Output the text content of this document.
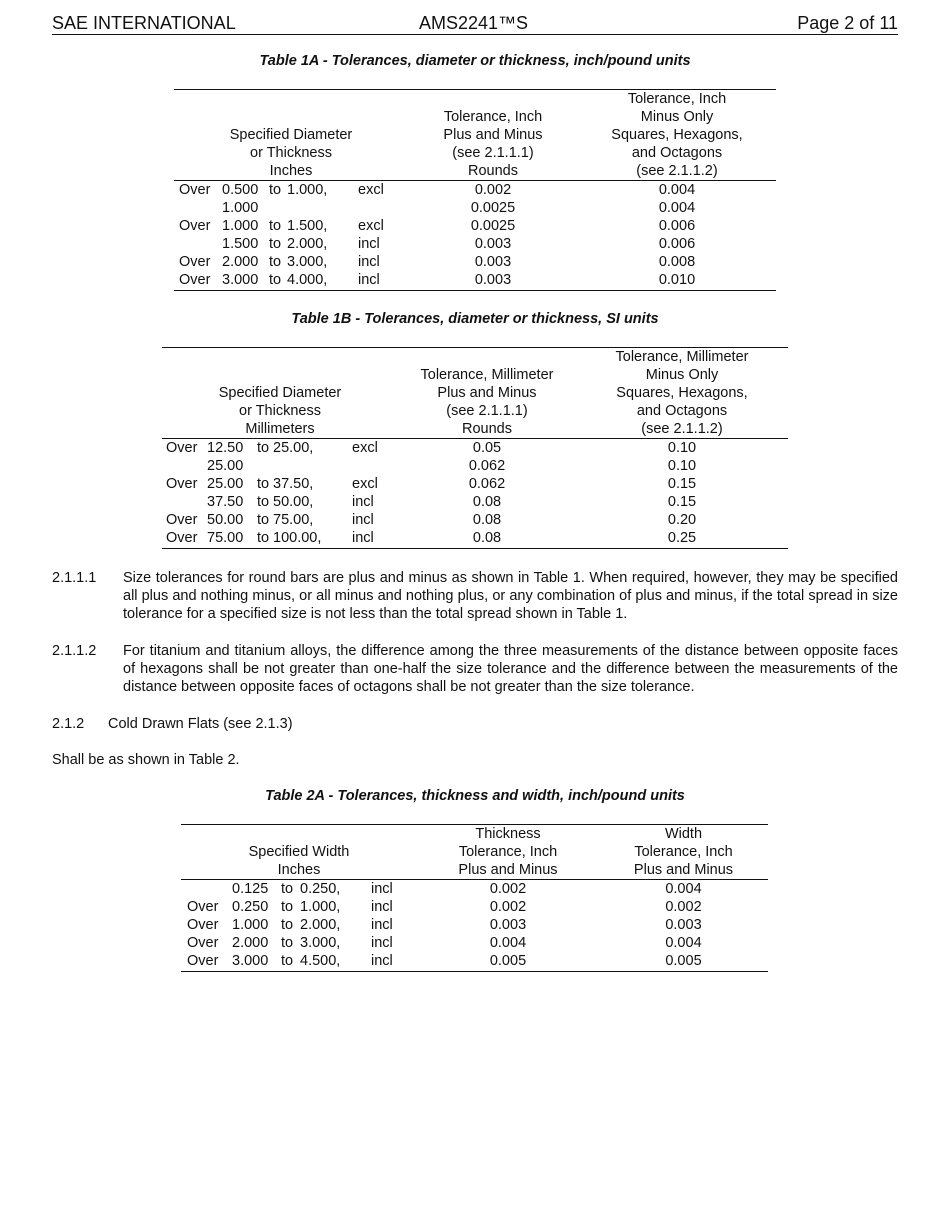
SAE INTERNATIONAL	AMS2241™S	Page 2 of 11
Table 1A - Tolerances, diameter or thickness, inch/pound units
Specified Diameter
or Thickness
Inches
Tolerance, Inch
Plus and Minus
(see 2.1.1.1)
Rounds
Tolerance, Inch
Minus Only
Squares, Hexagons,
and Octagons
(see 2.1.1.2)
Over 0.500 to 1.000, excl	0.002	0.004
1.000	0.0025	0.004
Over 1.000 to 1.500, excl	0.0025	0.006
1.500 to 2.000, incl	0.003	0.006
Over 2.000 to 3.000, incl	0.003	0.008
Over 3.000 to 4.000, incl	0.003	0.010
Table 1B - Tolerances, diameter or thickness, SI units
Specified Diameter
or Thickness
Millimeters
Tolerance, Millimeter
Plus and Minus
(see 2.1.1.1)
Rounds
Tolerance, Millimeter
Minus Only
Squares, Hexagons,
and Octagons
(see 2.1.1.2)
Over 12.50 to 25.00,	excl	0.05	0.10
25.00	0.062	0.10
Over 25.00 to 37.50,	excl	0.062	0.15
37.50 to 50.00,	incl	0.08	0.15
Over 50.00 to 75.00,	incl	0.08	0.20
Over 75.00 to 100.00, incl	0.08	0.25
2.1.1.1 Size tolerances for round bars are plus and minus as shown in Table 1. When required, however, they may be specified all plus and nothing minus, or all minus and nothing plus, or any combination of plus and minus, if the total spread in size tolerance for a specified size is not less than the total spread shown in Table 1.
2.1.1.2 For titanium and titanium alloys, the difference among the three measurements of the distance between opposite faces of hexagons shall be not greater than one-half the size tolerance and the difference between the measurements of the distance between opposite faces of octagons shall be not greater than the size tolerance.
2.1.2 Cold Drawn Flats (see 2.1.3)
Shall be as shown in Table 2.
Table 2A - Tolerances, thickness and width, inch/pound units
Specified Width
Inches
Thickness
Tolerance, Inch
Plus and Minus
Width
Tolerance, Inch
Plus and Minus
0.125 to 0.250, incl	0.002	0.004
Over 0.250 to 1.000, incl	0.002	0.002
Over 1.000 to 2.000, incl	0.003	0.003
Over 2.000 to 3.000, incl	0.004	0.004
Over 3.000 to 4.500, incl	0.005	0.005
